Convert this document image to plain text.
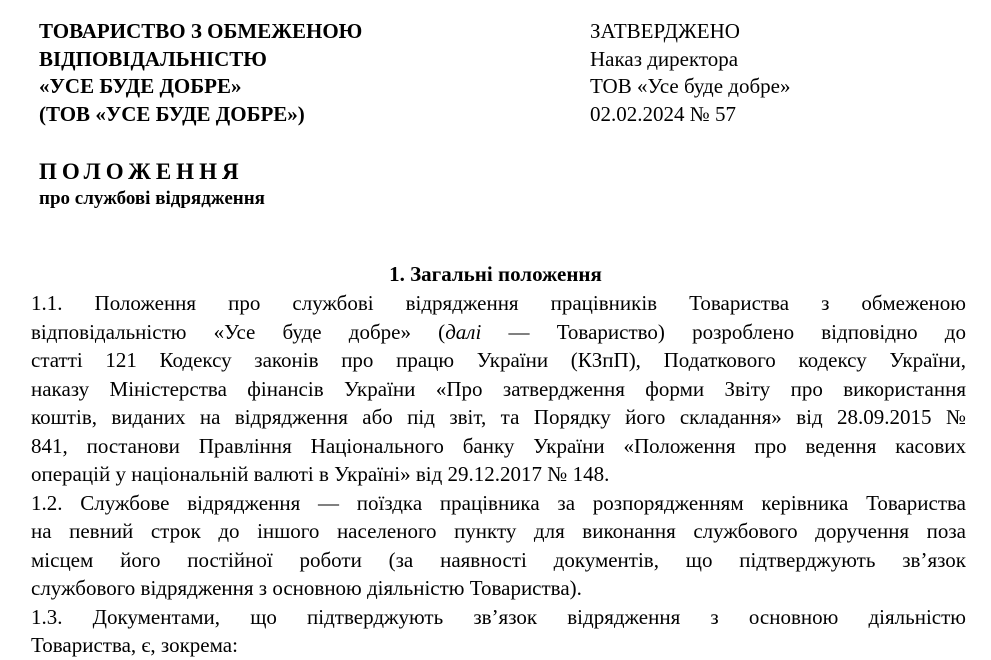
ТОВАРИСТВО З ОБМЕЖЕНОЮ
ВІДПОВІДАЛЬНІСТЮ
«УСЕ БУДЕ ДОБРЕ»
(ТОВ «УСЕ БУДЕ ДОБРЕ»)
ЗАТВЕРДЖЕНО
Наказ директора
ТОВ «Усе буде добре»
02.02.2024 № 57
ПОЛОЖЕННЯ
про службові відрядження
1. Загальні положення
1.1. Положення про службові відрядження працівників Товариства з обмеженою
відповідальністю «Усе буде добре» (далі — Товариство) розроблено відповідно до
статті 121 Кодексу законів про працю України (КЗпП), Податкового кодексу України,
наказу Міністерства фінансів України «Про затвердження форми Звіту про використання
коштів, виданих на відрядження або під звіт, та Порядку його складання» від 28.09.2015 №
841, постанови Правління Національного банку України «Положення про ведення касових
операцій у національній валюті в Україні» від 29.12.2017 № 148.
1.2. Службове відрядження — поїздка працівника за розпорядженням керівника Товариства
на певний строк до іншого населеного пункту для виконання службового доручення поза
місцем його постійної роботи (за наявності документів, що підтверджують зв’язок
службового відрядження з основною діяльністю Товариства).
1.3. Документами, що підтверджують зв’язок відрядження з основною діяльністю
Товариства, є, зокрема:
